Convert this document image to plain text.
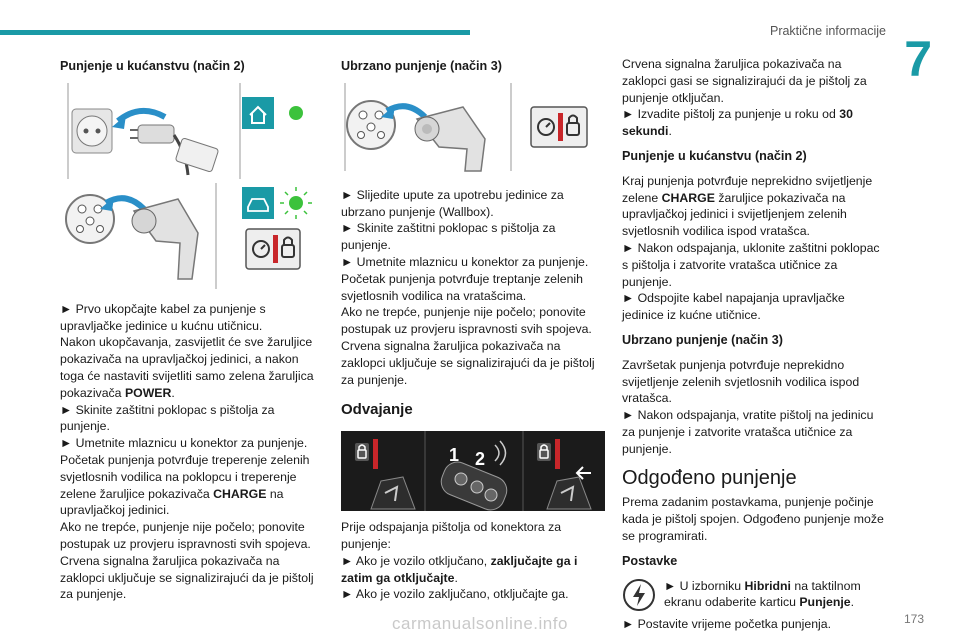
Praktične informacije 7
Punjenje u kućanstvu (način 2)

► Prvo ukopčajte kabel za punjenje s upravljačke jedinice u kućnu utičnicu.

Nakon ukopčavanja, zasvijetlit će sve žaruljice pokazivača na upravljačkoj jedinici, a nakon toga će nastaviti svijetliti samo zelena žaruljica pokazivača POWER.

► Skinite zaštitni poklopac s pištolja za punjenje.

► Umetnite mlaznicu u konektor za punjenje.

Početak punjenja potvrđuje treperenje zelenih svjetlosnih vodilica na poklopcu i treperenje zelene žaruljice pokazivača CHARGE na upravljačkoj jedinici.

Ako ne trepće, punjenje nije počelo; ponovite postupak uz provjeru ispravnosti svih spojeva.

Crvena signalna žaruljica pokazivača na zaklopci uključuje se signalizirajući da je pištolj za punjenje.

Ubrzano punjenje (način 3)

► Slijedite upute za upotrebu jedinice za ubrzano punjenje (Wallbox).

► Skinite zaštitni poklopac s pištolja za punjenje.

► Umetnite mlaznicu u konektor za punjenje.

Početak punjenja potvrđuje treptanje zelenih svjetlosnih vodilica na vratašcima.

Ako ne trepće, punjenje nije počelo; ponovite postupak uz provjeru ispravnosti svih spojeva.

Crvena signalna žaruljica pokazivača na zaklopci uključuje se signalizirajući da je pištolj za punjenje.

Odvajanje
1 2

Prije odspajanja pištolja od konektora za punjenje:

► Ako je vozilo otključano, zaključajte ga i zatim ga otključajte.

► Ako je vozilo zaključano, otključajte ga.

Crvena signalna žaruljica pokazivača na zaklopci gasi se signalizirajući da je pištolj za punjenje otključan.

► Izvadite pištolj za punjenje u roku od 30 sekundi.

Punjenje u kućanstvu (način 2)

Kraj punjenja potvrđuje neprekidno svijetljenje zelene CHARGE žaruljice pokazivača na upravljačkoj jedinici i svijetljenjem zelenih svjetlosnih vodilica ispod vratašca.

► Nakon odspajanja, uklonite zaštitni poklopac s pištolja i zatvorite vratašca utičnice za punjenje.

► Odspojite kabel napajanja upravljačke jedinice iz kućne utičnice.

Ubrzano punjenje (način 3)

Završetak punjenja potvrđuje neprekidno svijetljenje zelenih svjetlosnih vodilica ispod vratašca.

► Nakon odspajanja, vratite pištolj na jedinicu za punjenje i zatvorite vratašca utičnice za punjenje.

Odgođeno punjenje

Prema zadanim postavkama, punjenje počinje kada je pištolj spojen. Odgođeno punjenje može se programirati.

Postavke

► U izborniku Hibridni na taktilnom ekranu odaberite karticu Punjenje.

► Postavite vrijeme početka punjenja.

carmanualsonline.info	173
